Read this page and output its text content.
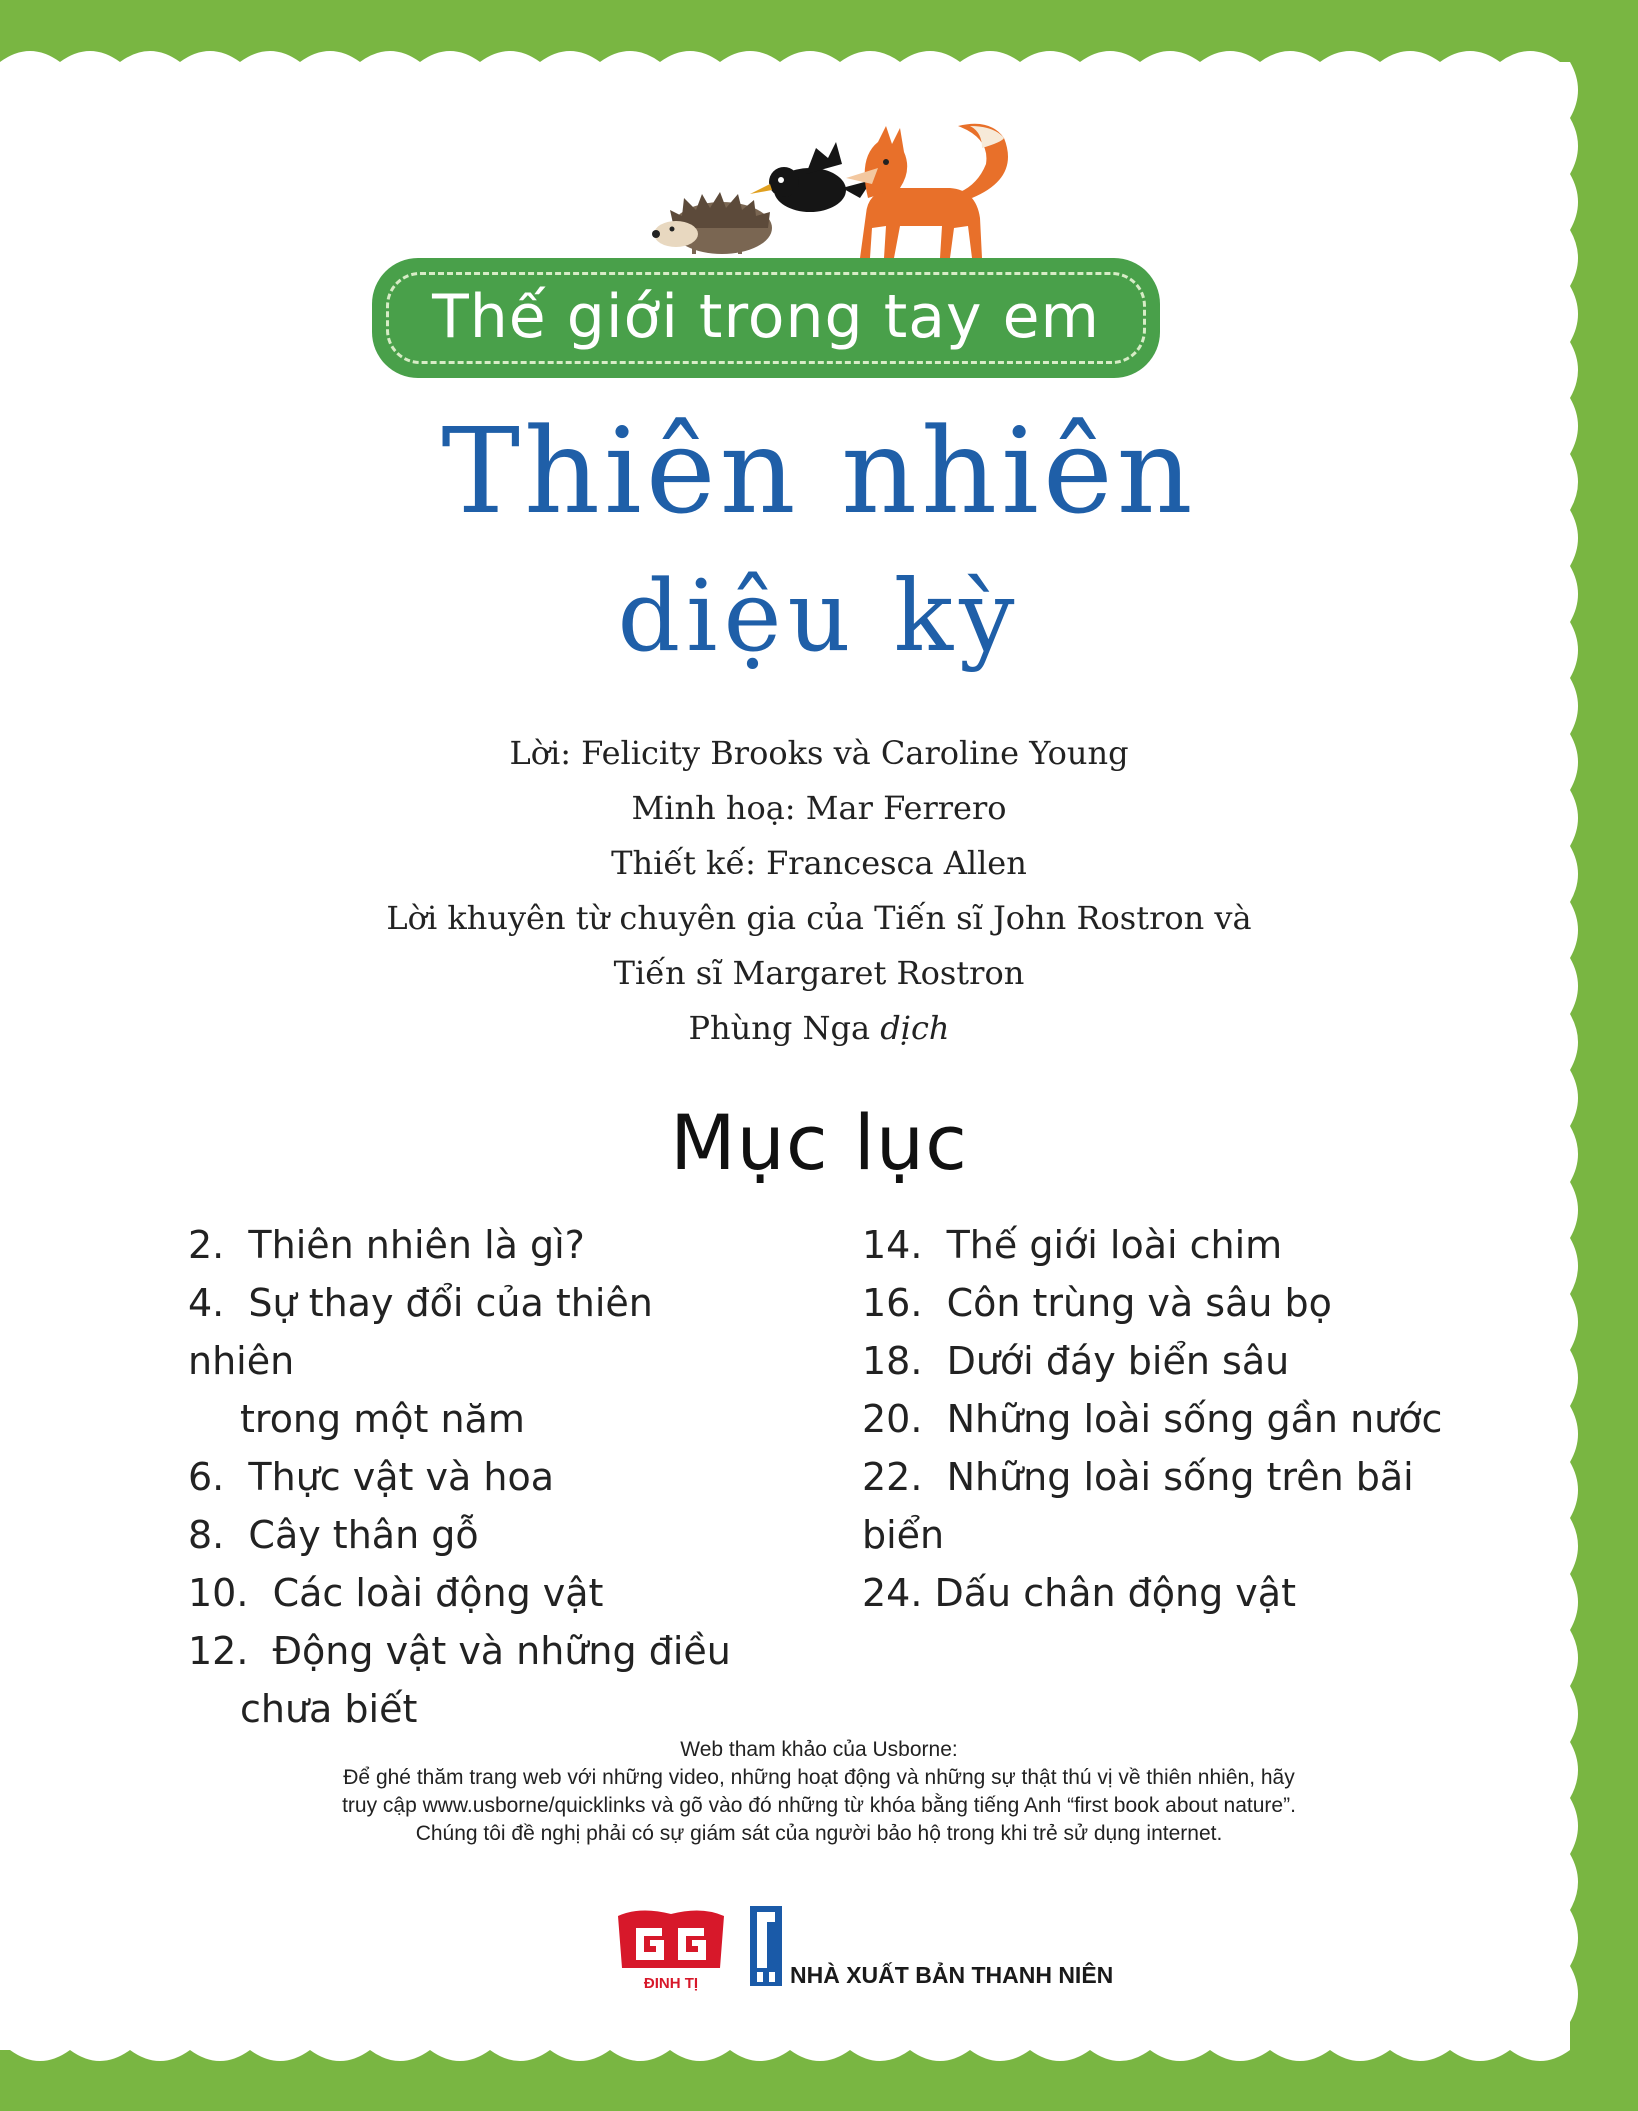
Thế giới trong tay em
Thiên nhiên
diệu kỳ
Lời: Felicity Brooks và Caroline Young
Minh hoạ: Mar Ferrero
Thiết kế: Francesca Allen
Lời khuyên từ chuyên gia của Tiến sĩ John Rostron và
Tiến sĩ Margaret Rostron
Phùng Nga dịch
Mục lục
2.  Thiên nhiên là gì?
4.  Sự thay đổi của thiên nhiên
trong một năm
6.  Thực vật và hoa
8.  Cây thân gỗ
10.  Các loài động vật
12.  Động vật và những điều
chưa biết
14.  Thế giới loài chim
16.  Côn trùng và sâu bọ
18.  Dưới đáy biển sâu
20.  Những loài sống gần nước
22.  Những loài sống trên bãi biển
24. Dấu chân động vật
Web tham khảo của Usborne:
Để ghé thăm trang web với những video, những hoạt động và những sự thật thú vị về thiên nhiên, hãy
truy cập www.usborne/quicklinks và gõ vào đó những từ khóa bằng tiếng Anh “first book about nature”.
Chúng tôi đề nghị phải có sự giám sát của người bảo hộ trong khi trẻ sử dụng internet.
ĐINH TỊ	NHÀ XUẤT BẢN THANH NIÊN
